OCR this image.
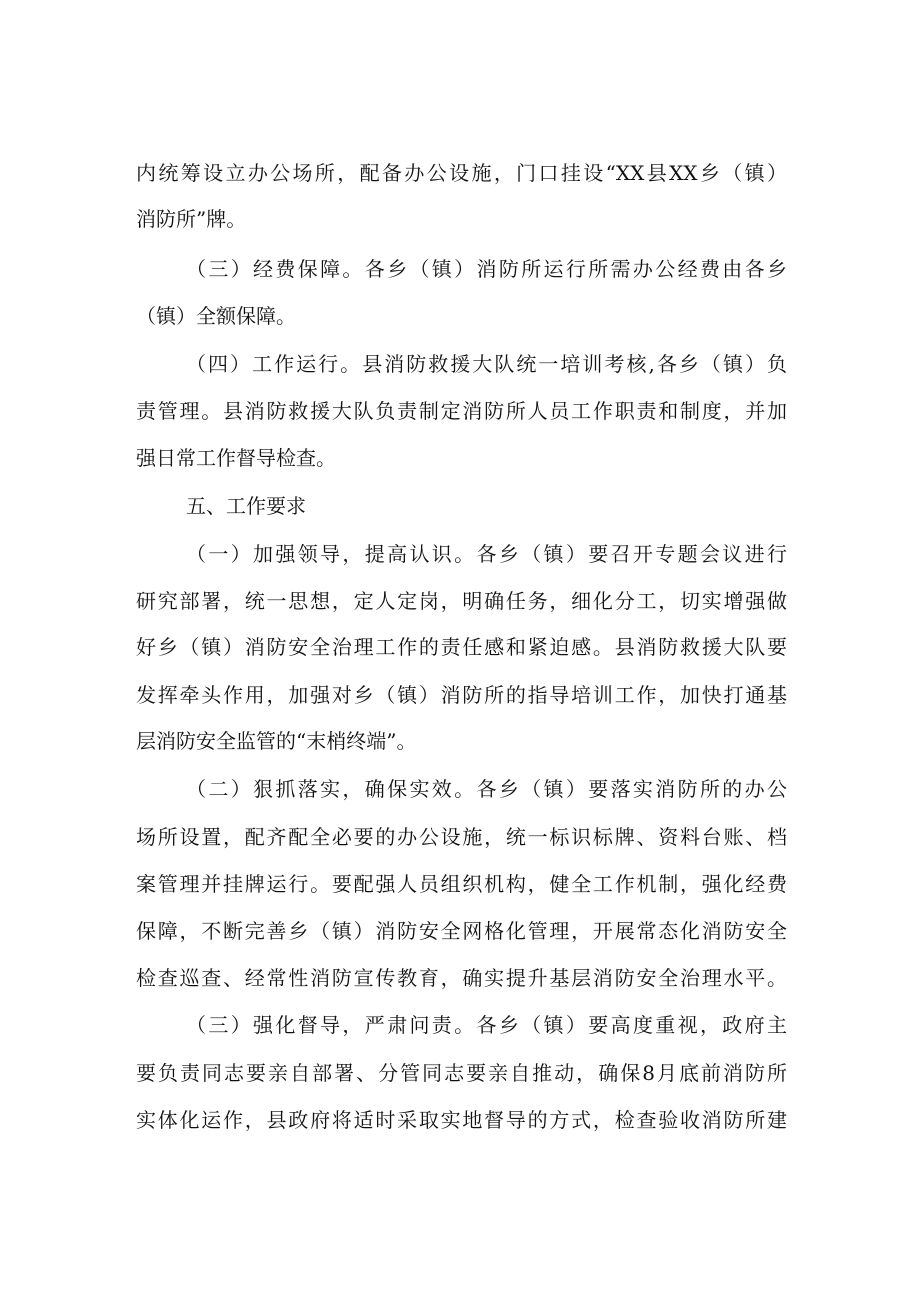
内统筹设立办公场所，配备办公设施，门口挂设“XX县XX乡（镇）
消防所”牌。
（三）经费保障。各乡（镇）消防所运行所需办公经费由各乡
（镇）全额保障。
（四）工作运行。县消防救援大队统一培训考核,各乡（镇）负
责管理。县消防救援大队负责制定消防所人员工作职责和制度，并加
强日常工作督导检查。
五、工作要求
（一）加强领导，提高认识。各乡（镇）要召开专题会议进行
研究部署，统一思想，定人定岗，明确任务，细化分工，切实增强做
好乡（镇）消防安全治理工作的责任感和紧迫感。县消防救援大队要
发挥牵头作用，加强对乡（镇）消防所的指导培训工作，加快打通基
层消防安全监管的“末梢终端”。
（二）狠抓落实，确保实效。各乡（镇）要落实消防所的办公
场所设置，配齐配全必要的办公设施，统一标识标牌、资料台账、档
案管理并挂牌运行。要配强人员组织机构，健全工作机制，强化经费
保障，不断完善乡（镇）消防安全网格化管理，开展常态化消防安全
检查巡查、经常性消防宣传教育，确实提升基层消防安全治理水平。
（三）强化督导，严肃问责。各乡（镇）要高度重视，政府主
要负责同志要亲自部署、分管同志要亲自推动，确保8月底前消防所
实体化运作，县政府将适时采取实地督导的方式，检查验收消防所建
